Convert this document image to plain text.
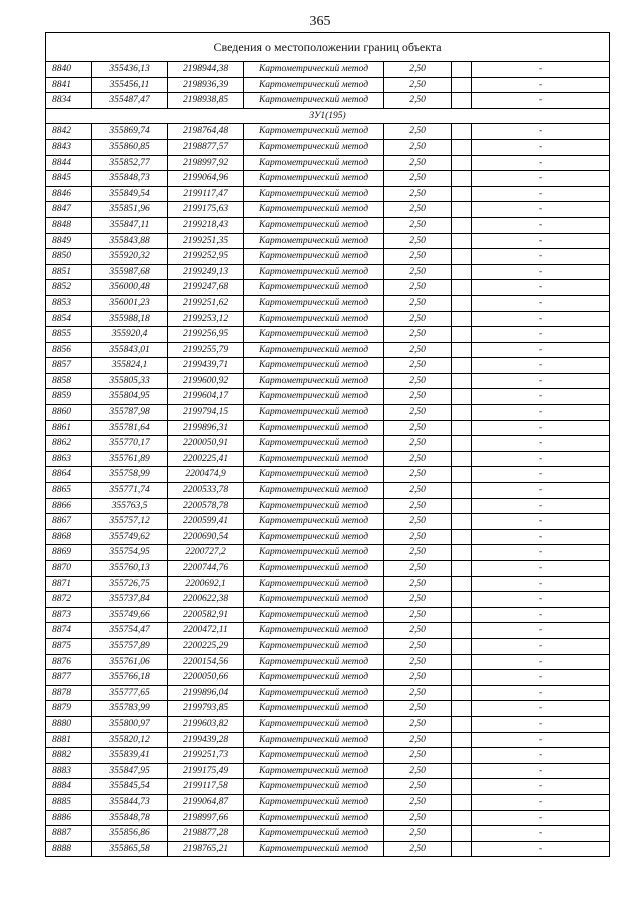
365
Сведения о местоположении границ объекта						
8840	355436,13	2198944,38	Картометрический метод	2,50		-
8841	355456,11	2198936,39	Картометрический метод	2,50		-
8834	355487,47	2198938,85	Картометрический метод	2,50		-
ЗУ1(195)						
8842	355869,74	2198764,48	Картометрический метод	2,50		-
8843	355860,85	2198877,57	Картометрический метод	2,50		-
8844	355852,77	2198997,92	Картометрический метод	2,50		-
8845	355848,73	2199064,96	Картометрический метод	2,50		-
8846	355849,54	2199117,47	Картометрический метод	2,50		-
8847	355851,96	2199175,63	Картометрический метод	2,50		-
8848	355847,11	2199218,43	Картометрический метод	2,50		-
8849	355843,88	2199251,35	Картометрический метод	2,50		-
8850	355920,32	2199252,95	Картометрический метод	2,50		-
8851	355987,68	2199249,13	Картометрический метод	2,50		-
8852	356000,48	2199247,68	Картометрический метод	2,50		-
8853	356001,23	2199251,62	Картометрический метод	2,50		-
8854	355988,18	2199253,12	Картометрический метод	2,50		-
8855	355920,4	2199256,95	Картометрический метод	2,50		-
8856	355843,01	2199255,79	Картометрический метод	2,50		-
8857	355824,1	2199439,71	Картометрический метод	2,50		-
8858	355805,33	2199600,92	Картометрический метод	2,50		-
8859	355804,95	2199604,17	Картометрический метод	2,50		-
8860	355787,98	2199794,15	Картометрический метод	2,50		-
8861	355781,64	2199896,31	Картометрический метод	2,50		-
8862	355770,17	2200050,91	Картометрический метод	2,50		-
8863	355761,89	2200225,41	Картометрический метод	2,50		-
8864	355758,99	2200474,9	Картометрический метод	2,50		-
8865	355771,74	2200533,78	Картометрический метод	2,50		-
8866	355763,5	2200578,78	Картометрический метод	2,50		-
8867	355757,12	2200599,41	Картометрический метод	2,50		-
8868	355749,62	2200690,54	Картометрический метод	2,50		-
8869	355754,95	2200727,2	Картометрический метод	2,50		-
8870	355760,13	2200744,76	Картометрический метод	2,50		-
8871	355726,75	2200692,1	Картометрический метод	2,50		-
8872	355737,84	2200622,38	Картометрический метод	2,50		-
8873	355749,66	2200582,91	Картометрический метод	2,50		-
8874	355754,47	2200472,11	Картометрический метод	2,50		-
8875	355757,89	2200225,29	Картометрический метод	2,50		-
8876	355761,06	2200154,56	Картометрический метод	2,50		-
8877	355766,18	2200050,66	Картометрический метод	2,50		-
8878	355777,65	2199896,04	Картометрический метод	2,50		-
8879	355783,99	2199793,85	Картометрический метод	2,50		-
8880	355800,97	2199603,82	Картометрический метод	2,50		-
8881	355820,12	2199439,28	Картометрический метод	2,50		-
8882	355839,41	2199251,73	Картометрический метод	2,50		-
8883	355847,95	2199175,49	Картометрический метод	2,50		-
8884	355845,54	2199117,58	Картометрический метод	2,50		-
8885	355844,73	2199064,87	Картометрический метод	2,50		-
8886	355848,78	2198997,66	Картометрический метод	2,50		-
8887	355856,86	2198877,28	Картометрический метод	2,50		-
8888	355865,58	2198765,21	Картометрический метод	2,50		-
